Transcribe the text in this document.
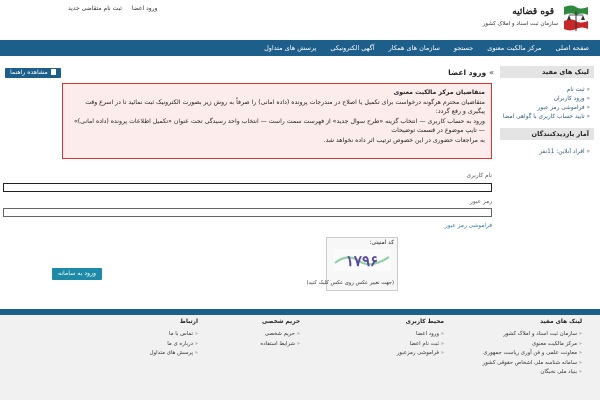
ورود اعضا ثبت نام متقاضی جدید	قوه قضائیه
سازمان ثبت اسناد و املاک کشور
صفحه اصلی
مرکز مالکیت معنوی
جستجو
سازمان های همکار
آگهی الکترونیکی
پرسش های متداول
لینک های مفید
« ثبت نام
« ورود کاربران
« فراموشی رمز عبور
« تایید حساب کاربری با گواهی امضا
آمار بازدیدکنندگان
« افراد آنلاین: 11نفر
»ورود اعضا
مشاهده راهنما

متقاضیان مرکز مالکیت معنوی

متقاضیان محترم هرگونه درخواست برای تکمیل یا اصلاح در مندرجات پرونده (داده امانی) را صرفاً به روش زیر بصورت الکترونیک ثبت نمائید تا در اسرع وقت پیگیری و رفع گردد:

ورود به حساب کاربری — انتخاب گزینه «طرح سوال جدید» از فهرست سمت راست — انتخاب واحد رسیدگی تحت عنوان «تکمیل اطلاعات پرونده (داده امانی)» — تایپ موضوع در قسمت توضیحات

به مراجعات حضوری در این خصوص ترتیب اثر داده نخواهد شد.

نام کاربری
رمز عبور
فراموشی رمز عبور
کد امنیتی:
۱۷۹۶
(جهت تغییر عکس روی عکس کلیک کنید)
ورود به سامانه
لینک های مفید
« سازمان ثبت اسناد و املاک کشور
« مرکز مالکیت معنوی
« معاونت علمی و فن آوری ریاست جمهوری
« سامانه شناسه ملی اشخاص حقوقی کشور
« بنیاد ملی نخبگان
محیط کاربری
« ورود اعضا
« ثبت نام اعضا
« فراموشی رمزعبور
حریم شخصی
« حریم شخصی
« شرایط استفاده
ارتباط
« تماس با ما
« درباره ی ما
« پرسش های متداول
